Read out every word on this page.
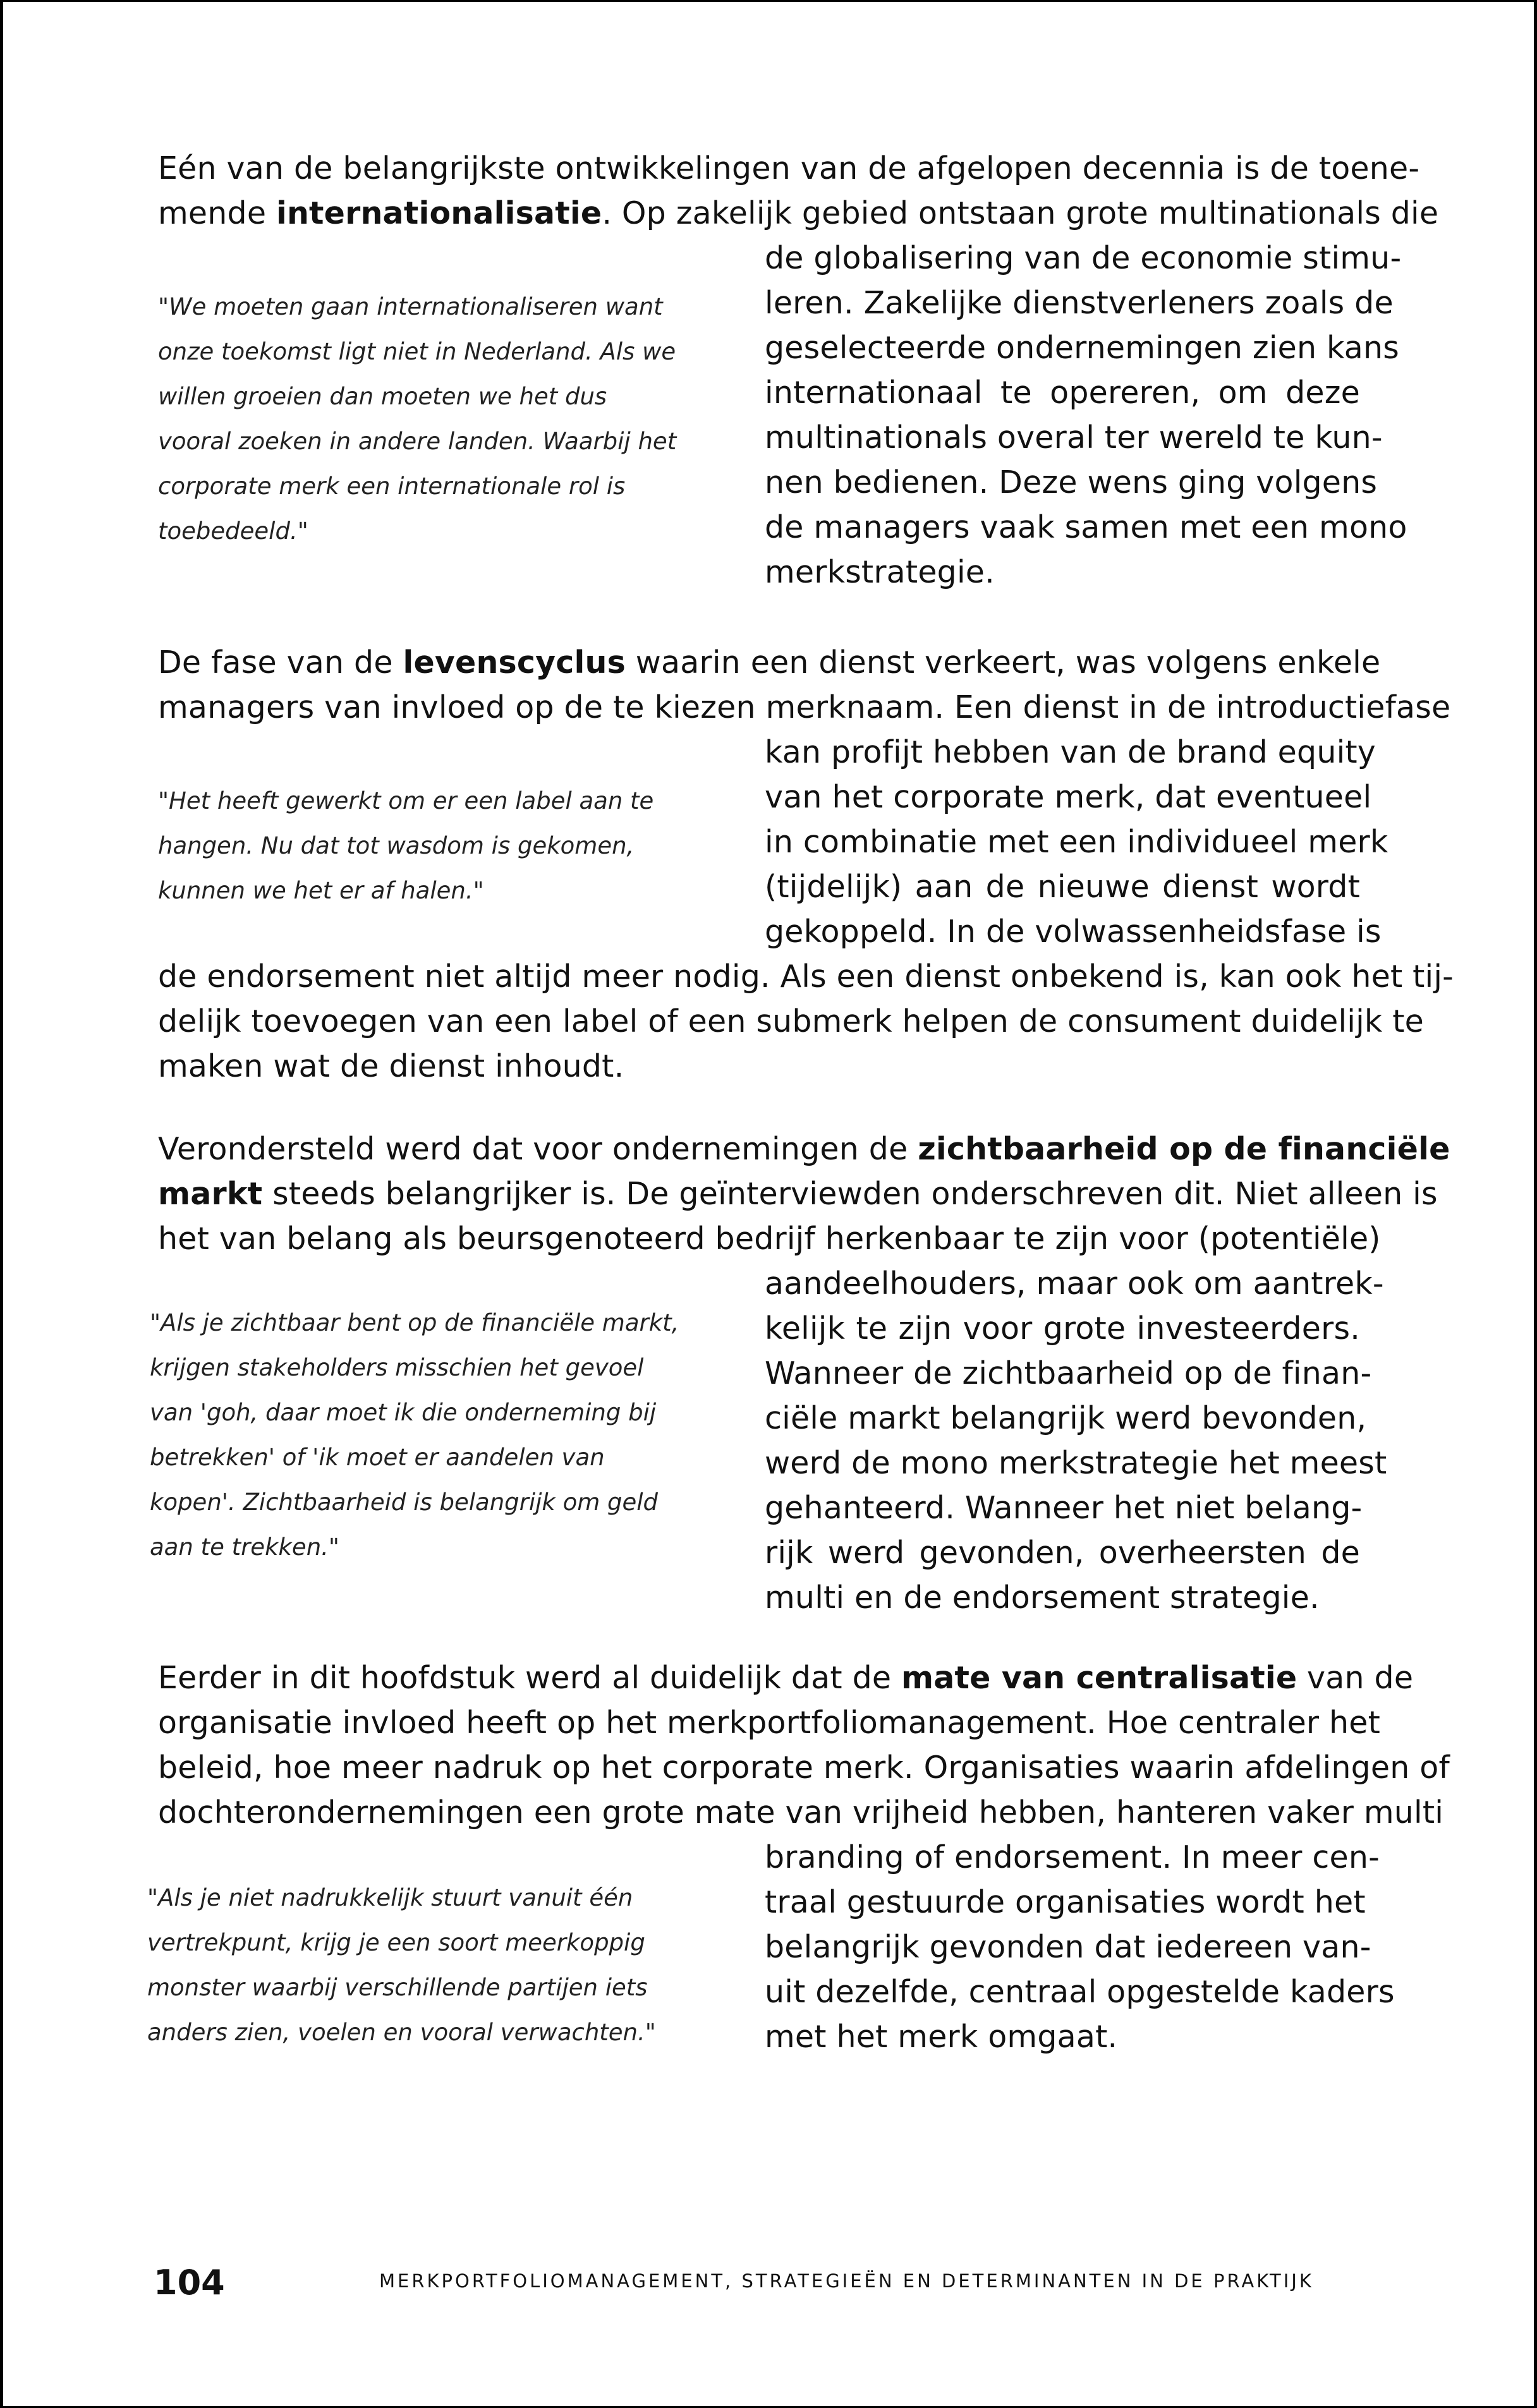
Eén van de belangrijkste ontwikkelingen van de afgelopen decennia is de toene-
mende internationalisatie. Op zakelijk gebied ontstaan grote multinationals die
de globalisering van de economie stimu-
leren. Zakelijke dienstverleners zoals de
geselecteerde ondernemingen zien kans
internationaal te opereren, om deze
multinationals overal ter wereld te kun-
nen bedienen. Deze wens ging volgens
de managers vaak samen met een mono
merkstrategie.
"We moeten gaan internationaliseren want
onze toekomst ligt niet in Nederland. Als we
willen groeien dan moeten we het dus
vooral zoeken in andere landen. Waarbij het
corporate merk een internationale rol is
toebedeeld."
De fase van de levenscyclus waarin een dienst verkeert, was volgens enkele
managers van invloed op de te kiezen merknaam. Een dienst in de introductiefase
kan profijt hebben van de brand equity
van het corporate merk, dat eventueel
in combinatie met een individueel merk
(tijdelijk) aan de nieuwe dienst wordt
gekoppeld. In de volwassenheidsfase is
"Het heeft gewerkt om er een label aan te
hangen. Nu dat tot wasdom is gekomen,
kunnen we het er af halen."
de endorsement niet altijd meer nodig. Als een dienst onbekend is, kan ook het tij-
delijk toevoegen van een label of een submerk helpen de consument duidelijk te
maken wat de dienst inhoudt.
Verondersteld werd dat voor ondernemingen de zichtbaarheid op de financiële
markt steeds belangrijker is. De geïnterviewden onderschreven dit. Niet alleen is
het van belang als beursgenoteerd bedrijf herkenbaar te zijn voor (potentiële)
aandeelhouders, maar ook om aantrek-
kelijk te zijn voor grote investeerders.
Wanneer de zichtbaarheid op de finan-
ciële markt belangrijk werd bevonden,
werd de mono merkstrategie het meest
gehanteerd. Wanneer het niet belang-
rijk werd gevonden, overheersten de
multi en de endorsement strategie.
"Als je zichtbaar bent op de financiële markt,
krijgen stakeholders misschien het gevoel
van 'goh, daar moet ik die onderneming bij
betrekken' of 'ik moet er aandelen van
kopen'. Zichtbaarheid is belangrijk om geld
aan te trekken."
Eerder in dit hoofdstuk werd al duidelijk dat de mate van centralisatie van de
organisatie invloed heeft op het merkportfoliomanagement. Hoe centraler het
beleid, hoe meer nadruk op het corporate merk. Organisaties waarin afdelingen of
dochterondernemingen een grote mate van vrijheid hebben, hanteren vaker multi
branding of endorsement. In meer cen-
traal gestuurde organisaties wordt het
belangrijk gevonden dat iedereen van-
uit dezelfde, centraal opgestelde kaders
met het merk omgaat.
"Als je niet nadrukkelijk stuurt vanuit één
vertrekpunt, krijg je een soort meerkoppig
monster waarbij verschillende partijen iets
anders zien, voelen en vooral verwachten."
104	MERKPORTFOLIOMANAGEMENT, STRATEGIEËN EN DETERMINANTEN IN DE PRAKTIJK
